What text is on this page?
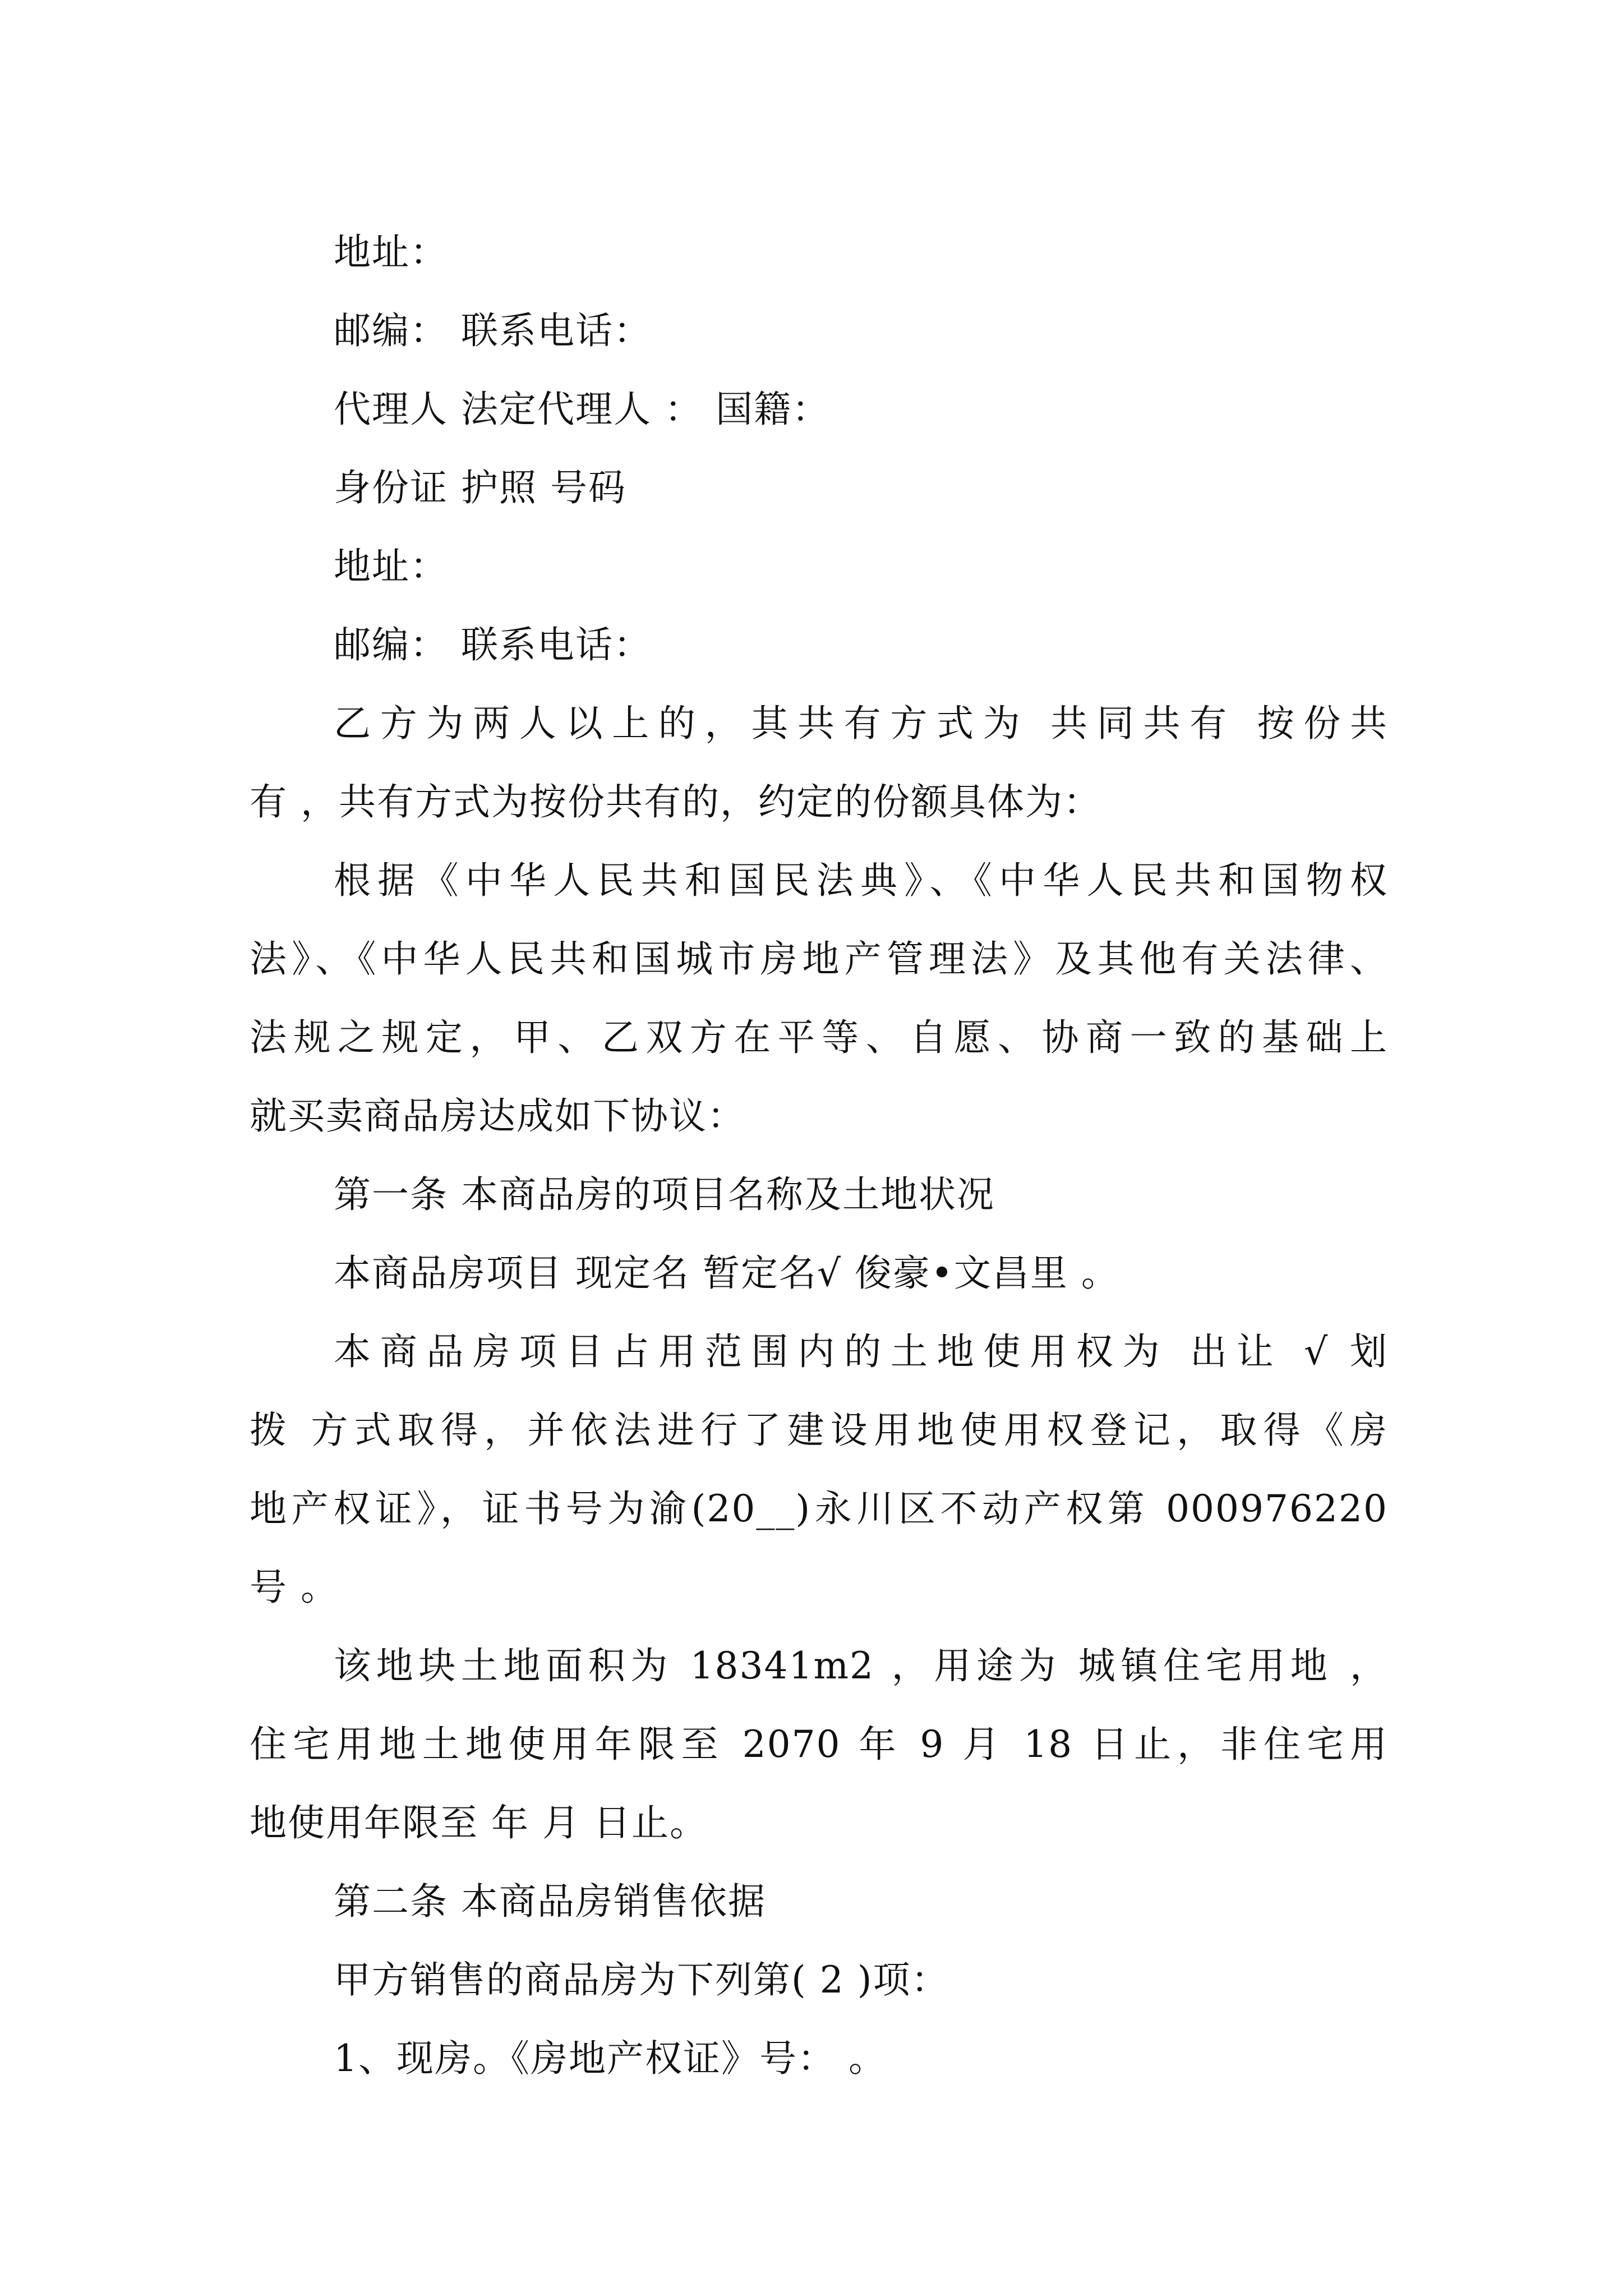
地址：
邮编： 联系电话：
代理人 法定代理人 ： 国籍：
身份证 护照 号码
地址：
邮编： 联系电话：
乙方为两人以上的，其共有方式为 共同共有 按份共
有 ，共有方式为按份共有的，约定的份额具体为：
根据《中华人民共和国民法典》、《中华人民共和国物权
法》、《中华人民共和国城市房地产管理法》及其他有关法律、
法规之规定，甲、乙双方在平等、自愿、协商一致的基础上
就买卖商品房达成如下协议：
第一条 本商品房的项目名称及土地状况
本商品房项目 现定名 暂定名√ 俊豪•文昌里 。
本商品房项目占用范围内的土地使用权为 出让 √ 划
拨 方式取得，并依法进行了建设用地使用权登记，取得《房
地产权证》，证书号为渝(20__)永川区不动产权第 000976220
号 。
该地块土地面积为 18341m2 ，用途为 城镇住宅用地 ，
住宅用地土地使用年限至 2070 年 9 月 18 日止，非住宅用
地使用年限至 年 月 日止。
第二条 本商品房销售依据
甲方销售的商品房为下列第( 2 )项：
1、现房。《房地产权证》号： 。
